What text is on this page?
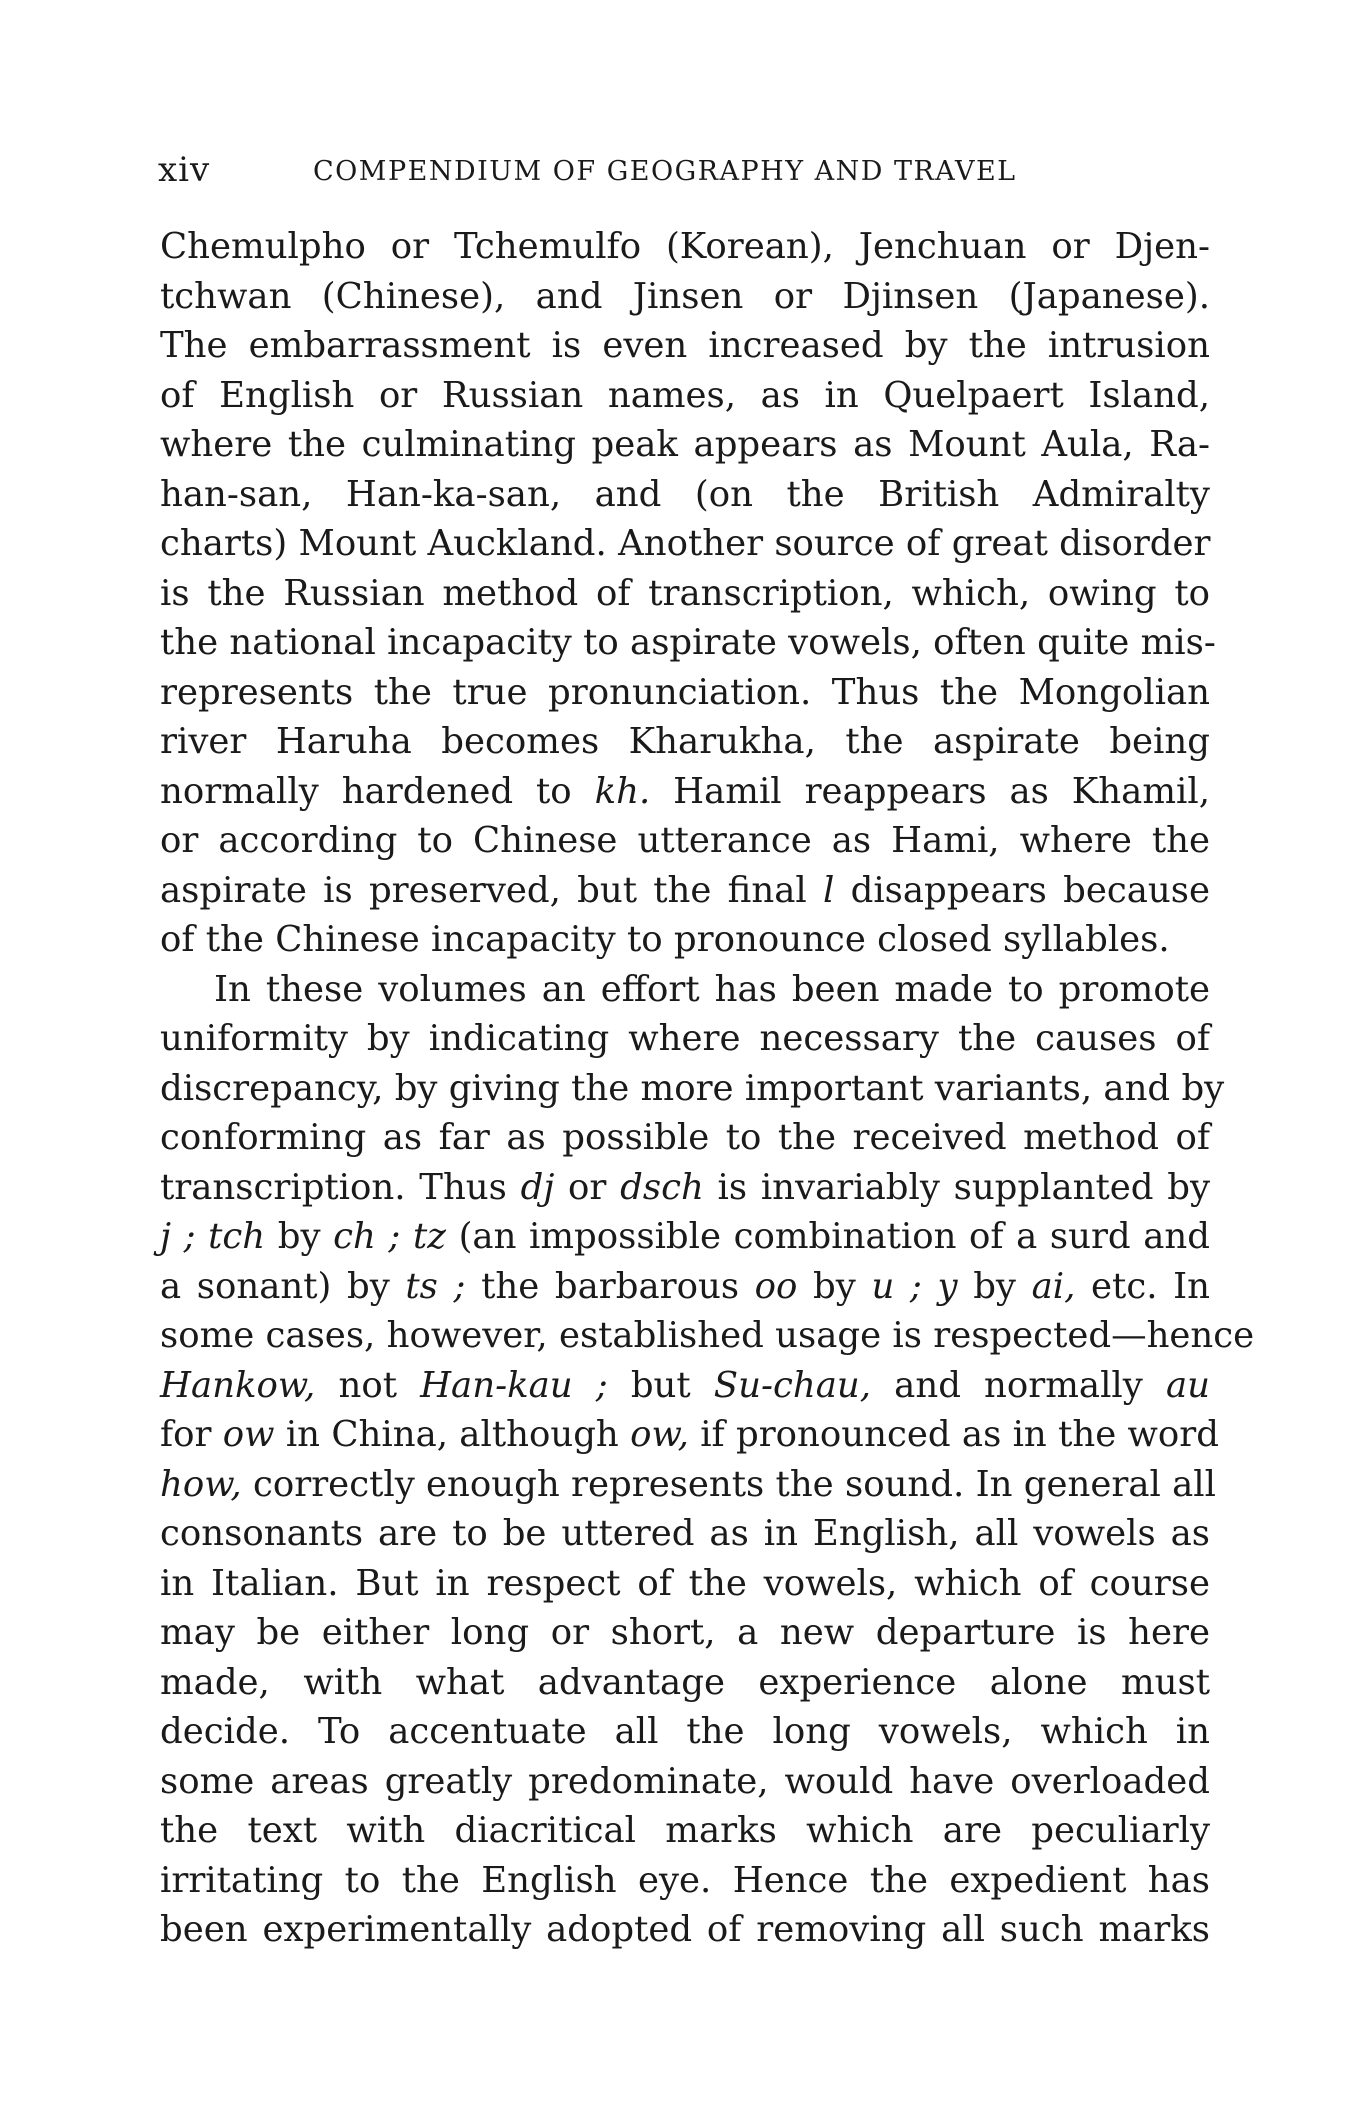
xiv	COMPENDIUM OF GEOGRAPHY AND TRAVEL
Chemulpho or Tchemulfo (Korean), Jenchuan or Djen-
tchwan (Chinese), and Jinsen or Djinsen (Japanese).
The embarrassment is even increased by the intrusion
of English or Russian names, as in Quelpaert Island,
where the culminating peak appears as Mount Aula, Ra-
han-san, Han-ka-san, and (on the British Admiralty
charts) Mount Auckland. Another source of great disorder
is the Russian method of transcription, which, owing to
the national incapacity to aspirate vowels, often quite mis-
represents the true pronunciation. Thus the Mongolian
river Haruha becomes Kharukha, the aspirate being
normally hardened to kh. Hamil reappears as Khamil,
or according to Chinese utterance as Hami, where the
aspirate is preserved, but the final l disappears because
of the Chinese incapacity to pronounce closed syllables.
In these volumes an effort has been made to promote
uniformity by indicating where necessary the causes of
discrepancy, by giving the more important variants, and by
conforming as far as possible to the received method of
transcription. Thus dj or dsch is invariably supplanted by
j ; tch by ch ; tz (an impossible combination of a surd and
a sonant) by ts ; the barbarous oo by u ; y by ai, etc. In
some cases, however, established usage is respected—hence
Hankow, not Han-kau ; but Su-chau, and normally au
for ow in China, although ow, if pronounced as in the word
how, correctly enough represents the sound. In general all
consonants are to be uttered as in English, all vowels as
in Italian. But in respect of the vowels, which of course
may be either long or short, a new departure is here
made, with what advantage experience alone must
decide. To accentuate all the long vowels, which in
some areas greatly predominate, would have overloaded
the text with diacritical marks which are peculiarly
irritating to the English eye. Hence the expedient has
been experimentally adopted of removing all such marks
